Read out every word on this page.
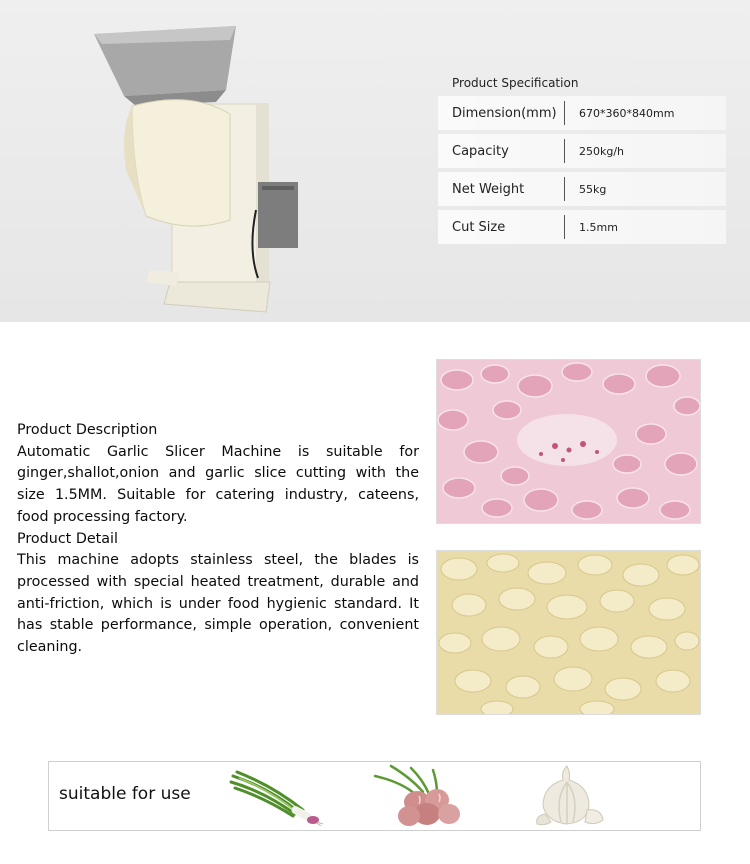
Product Specification
Dimension(mm)	670*360*840mm
Capacity	250kg/h
Net Weight	55kg
Cut Size	1.5mm

Product Description

Automatic Garlic Slicer Machine is suitable for ginger,shallot,onion and garlic slice cutting with the size 1.5MM. Suitable for catering industry, cateens, food processing factory.

Product Detail

This machine adopts stainless steel, the blades is processed with special heated treatment, durable and anti-friction, which is under food hygienic standard. It has stable performance, simple operation, convenient cleaning.

suitable for use
